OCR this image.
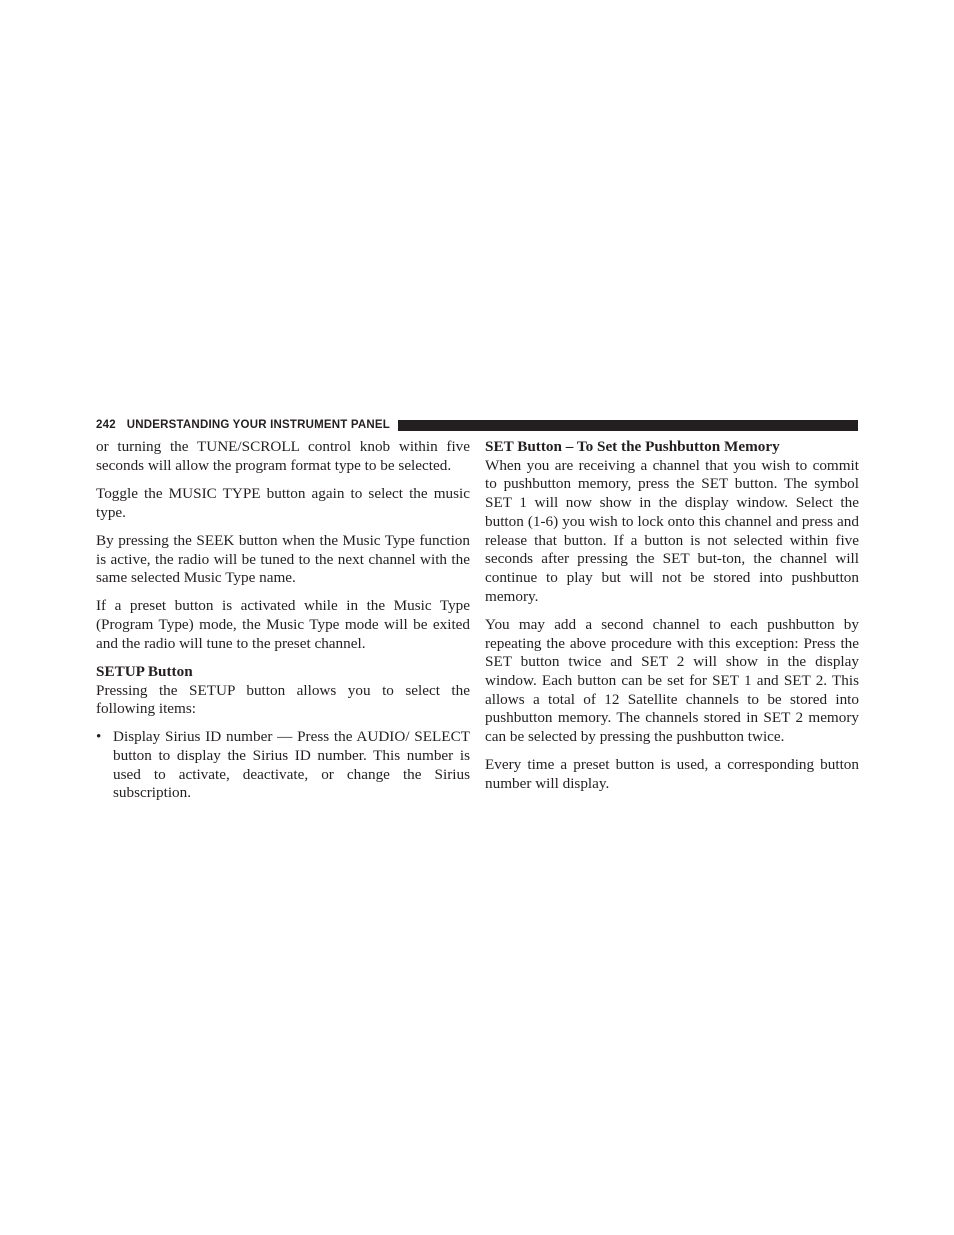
242 UNDERSTANDING YOUR INSTRUMENT PANEL

or turning the TUNE/SCROLL control knob within five seconds will allow the program format type to be selected.

Toggle the MUSIC TYPE button again to select the music type.

By pressing the SEEK button when the Music Type function is active, the radio will be tuned to the next channel with the same selected Music Type name.

If a preset button is activated while in the Music Type (Program Type) mode, the Music Type mode will be exited and the radio will tune to the preset channel.

SETUP Button

Pressing the SETUP button allows you to select the following items:

• Display Sirius ID number — Press the AUDIO/ SELECT button to display the Sirius ID number. This number is used to activate, deactivate, or change the Sirius subscription.
SET Button – To Set the Pushbutton Memory

When you are receiving a channel that you wish to commit to pushbutton memory, press the SET button. The symbol SET 1 will now show in the display window. Select the button (1-6) you wish to lock onto this channel and press and release that button. If a button is not selected within five seconds after pressing the SET but-ton, the channel will continue to play but will not be stored into pushbutton memory.

You may add a second channel to each pushbutton by repeating the above procedure with this exception: Press the SET button twice and SET 2 will show in the display window. Each button can be set for SET 1 and SET 2. This allows a total of 12 Satellite channels to be stored into pushbutton memory. The channels stored in SET 2 memory can be selected by pressing the pushbutton twice.

Every time a preset button is used, a corresponding button number will display.
